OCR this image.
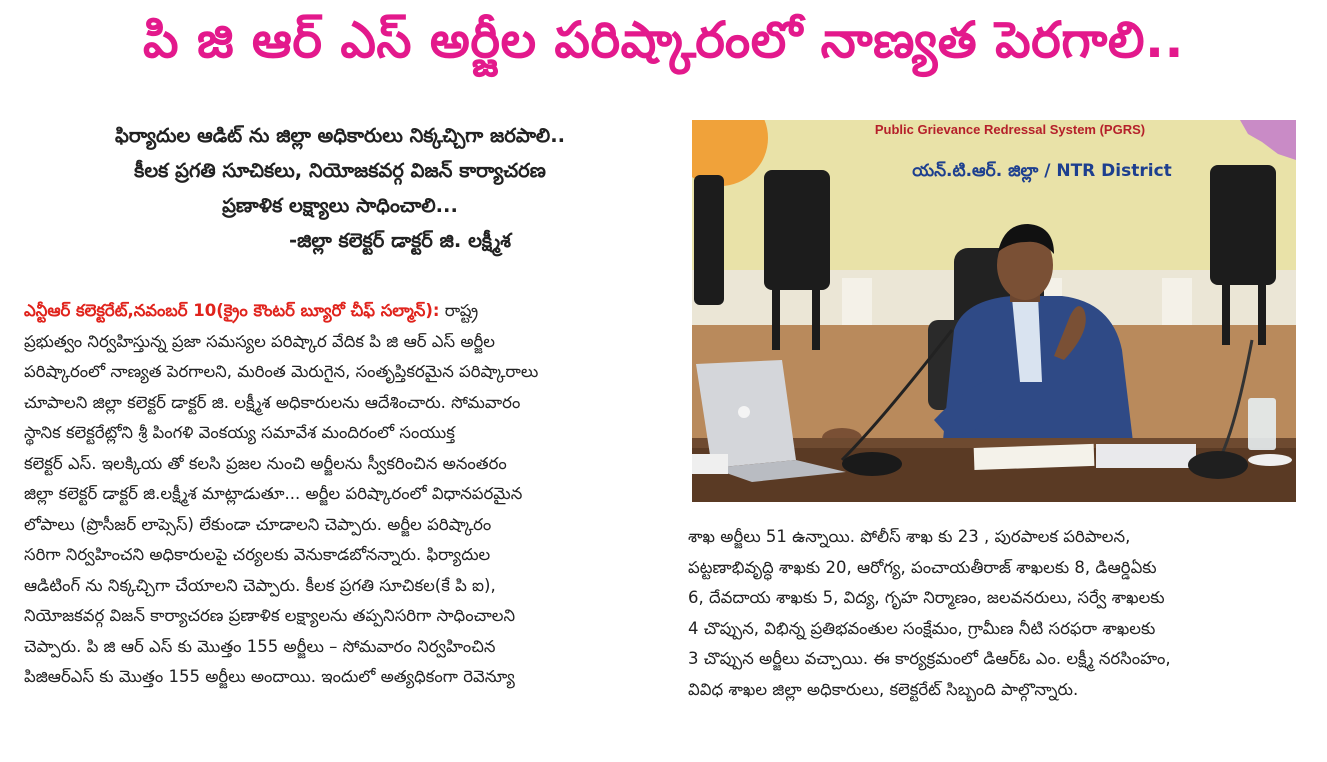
పి జి ఆర్ ఎస్ అర్జీల పరిష్కారంలో నాణ్యత పెరగాలి..
ఫిర్యాదుల ఆడిట్ ను జిల్లా అధికారులు నిక్కచ్చిగా జరపాలి..
కీలక ప్రగతి సూచికలు, నియోజకవర్గ విజన్ కార్యాచరణ
ప్రణాళిక లక్ష్యాలు సాధించాలి...
-జిల్లా కలెక్టర్ డాక్టర్ జి. లక్ష్మీశ
ఎన్టీఆర్ కలెక్టరేట్,నవంబర్ 10(క్రైం కౌంటర్ బ్యూరో చీఫ్ సల్మాన్): రాష్ట్ర
ప్రభుత్వం నిర్వహిస్తున్న ప్రజా సమస్యల పరిష్కార వేదిక పి జి ఆర్ ఎస్ అర్జీల
పరిష్కారంలో నాణ్యత పెరగాలని, మరింత మెరుగైన, సంతృప్తికరమైన పరిష్కారాలు
చూపాలని జిల్లా కలెక్టర్ డాక్టర్ జి. లక్ష్మీశ అధికారులను ఆదేశించారు. సోమవారం
స్థానిక కలెక్టరేట్లోని శ్రీ పింగళి వెంకయ్య సమావేశ మందిరంలో సంయుక్త
కలెక్టర్ ఎస్. ఇలక్కియ తో కలసి ప్రజల నుంచి అర్జీలను స్వీకరించిన అనంతరం
జిల్లా కలెక్టర్ డాక్టర్ జి.లక్ష్మీశ మాట్లాడుతూ... అర్జీల పరిష్కారంలో విధానపరమైన
లోపాలు (ప్రొసీజర్ లాప్సెస్) లేకుండా చూడాలని చెప్పారు. అర్జీల పరిష్కారం
సరిగా నిర్వహించని అధికారులపై చర్యలకు వెనుకాడబోనన్నారు. ఫిర్యాదుల
ఆడిటింగ్ ను నిక్కచ్చిగా చేయాలని చెప్పారు. కీలక ప్రగతి సూచికల(కే పి ఐ),
నియోజకవర్గ విజన్ కార్యాచరణ ప్రణాళిక లక్ష్యాలను తప్పనిసరిగా సాధించాలని
చెప్పారు. పి జి ఆర్ ఎస్ కు మొత్తం 155 అర్జీలు – సోమవారం నిర్వహించిన
పిజిఆర్ఎస్ కు మొత్తం 155 అర్జీలు అందాయి. ఇందులో అత్యధికంగా రెవెన్యూ
Public Grievance Redressal System (PGRS)
యన్.టి.ఆర్. జిల్లా / NTR District
శాఖ అర్జీలు 51 ఉన్నాయి. పోలీస్ శాఖ కు 23 , పురపాలక పరిపాలన,
పట్టణాభివృద్ధి శాఖకు 20, ఆరోగ్య, పంచాయతీరాజ్ శాఖలకు 8, డిఆర్డిఏకు
6, దేవదాయ శాఖకు 5, విద్య, గృహ నిర్మాణం, జలవనరులు, సర్వే శాఖలకు
4 చొప్పున, విభిన్న ప్రతిభవంతుల సంక్షేమం, గ్రామీణ నీటి సరఫరా శాఖలకు
3 చొప్పున అర్జీలు వచ్చాయి. ఈ కార్యక్రమంలో డిఆర్ఓ ఎం. లక్ష్మీ నరసింహం,
వివిధ శాఖల జిల్లా అధికారులు, కలెక్టరేట్ సిబ్బంది పాల్గొన్నారు.
